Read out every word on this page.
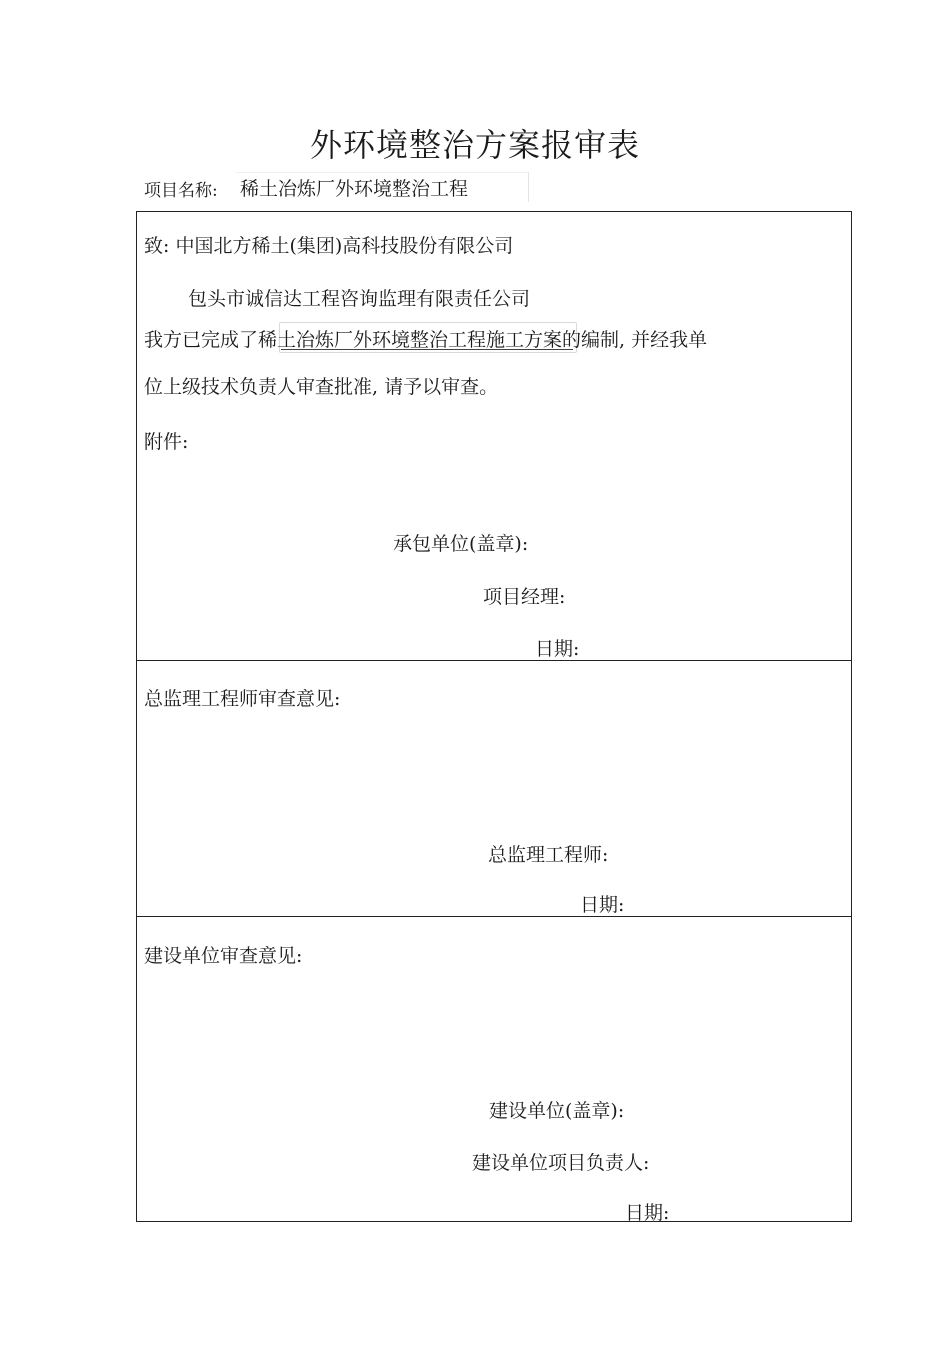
外环境整治方案报审表
项目名称: 稀土冶炼厂外环境整治工程
致: 中国北方稀土(集团)高科技股份有限公司
包头市诚信达工程咨询监理有限责任公司
我方已完成了稀土冶炼厂外环境整治工程施工方案的编制, 并经我单
位上级技术负责人审查批准, 请予以审查。
附件:
承包单位(盖章):
项目经理:
日期:
总监理工程师审查意见:
总监理工程师:
日期:
建设单位审查意见:
建设单位(盖章):
建设单位项目负责人:
日期:
